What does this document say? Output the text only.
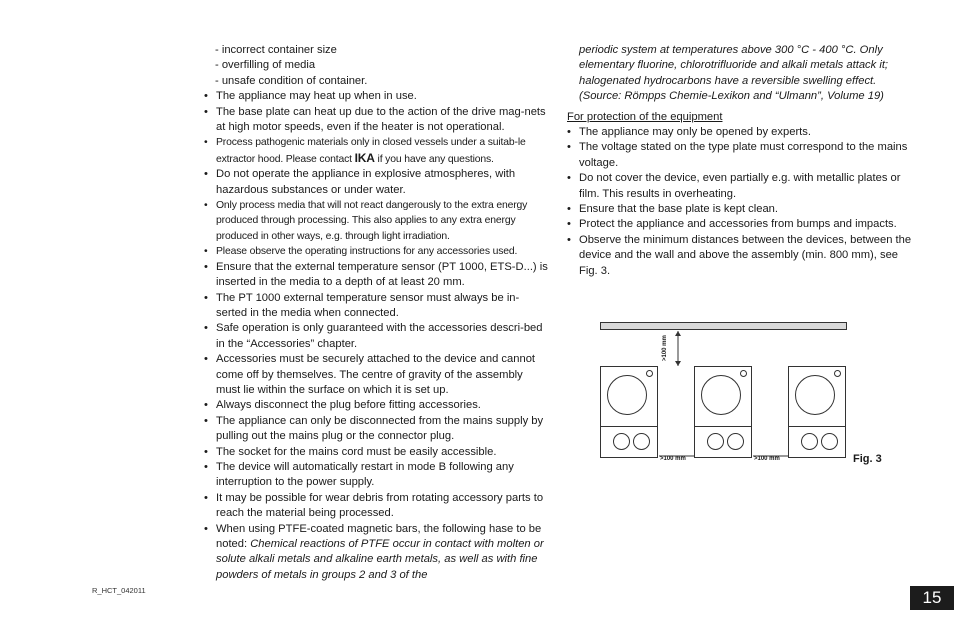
- incorrect container size
- overfilling of media
- unsafe condition of container.
• The appliance may heat up when in use.
• The base plate can heat up due to the action of the drive mag-nets at high motor speeds, even if the heater is not operational.
• Process pathogenic materials only in closed vessels under a suitab-le extractor hood. Please contact IKA if you have any questions.
• Do not operate the appliance in explosive atmospheres, with hazardous substances or under water.
• Only process media that will not react dangerously to the extra energy produced through processing. This also applies to any extra energy produced in other ways, e.g. through light irradiation.
• Please observe the operating instructions for any accessories used.
• Ensure that the external temperature sensor (PT 1000, ETS-D...) is inserted in the media to a depth of at least 20 mm.
• The PT 1000 external temperature sensor must always be in-serted in the media when connected.
• Safe operation is only guaranteed with the accessories descri-bed in the “Accessories” chapter.
• Accessories must be securely attached to the device and cannot come off by themselves. The centre of gravity of the assembly must lie within the surface on which it is set up.
• Always disconnect the plug before fitting accessories.
• The appliance can only be disconnected from the mains supply by pulling out the mains plug or the connector plug.
• The socket for the mains cord must be easily accessible.
• The device will automatically restart in mode B following any interruption to the power supply.
• It may be possible for wear debris from rotating accessory parts to reach the material being processed.
• When using PTFE-coated magnetic bars, the following hase to be noted: Chemical reactions of PTFE occur in contact with molten or solute alkali metals and alkaline earth metals, as well as with fine powders of metals in groups 2 and 3 of the
periodic system at temperatures above 300 °C - 400 °C. Only elementary fluorine, chlorotrifluoride and alkali metals attack it; halogenated hydrocarbons have a reversible swelling effect. (Source: Römpps Chemie-Lexikon and “Ulmann”, Volume 19)
For protection of the equipment
• The appliance may only be opened by experts.
• The voltage stated on the type plate must correspond to the mains voltage.
• Do not cover the device, even partially e.g. with metallic plates or film. This results in overheating.
• Ensure that the base plate is kept clean.
• Protect the appliance and accessories from bumps and impacts.
• Observe the minimum distances between the devices, between the device and the wall and above the assembly (min. 800 mm), see Fig. 3.
>100 mm
>100 mm	>100 mm	Fig. 3
R_HCT_042011	15
